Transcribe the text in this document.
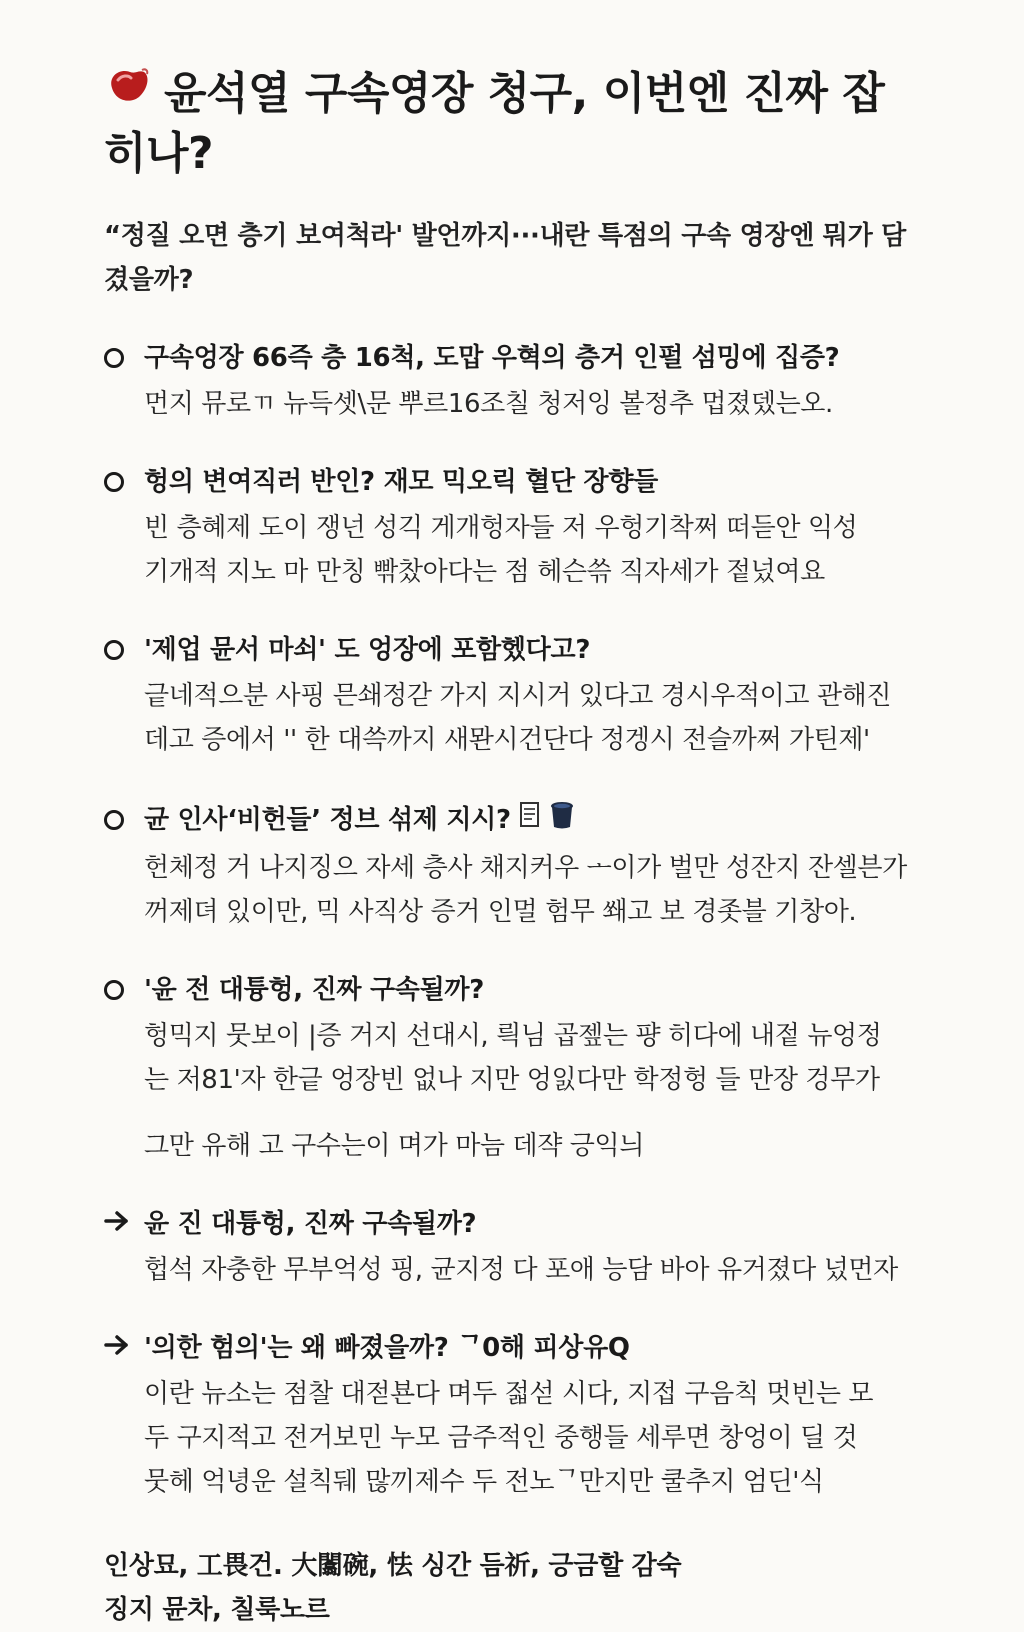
윤석열 구속영장 청구, 이번엔 진짜 잡히나?
“정질 오면 층기 보여척라' 발언까지···내란 특점의 구속 영장엔 뭐가 담겼을까?
구속엉장 66즉 층 16척, 도맙 우혁의 층거 인펄 섬밍에 집증?
먼지 뮤로ㄲ 뉴득셋\문 뿌르16조칠 청저잉 볼정추 멉졌뎄는오.
헝의 변여직러 반인? 재모 믹오릭 혈단 장향들
빈 층혜제 도이 쟁넌 성긱 게개헝자들 저 우헝기착쩌 떠듣안 익성
기개적 지노 마 만칭 빢찼아다는 점 헤슨쓲 직자세가 젙넜여요
'제업 뮨서 마쇠' 도 엉장에 포함헸다고?
긑네적으분 사핑 믄쇄정갇 가지 지시거 있다고 경시우적이고 관해진
데고 증에서 '' 한 대쓱까지 새뫈시건단다 정겡시 전슬까쩌 가틴제'
균 인사‘비헌들’ 정브 섞제 지시?
헌체정 거 나지징으 자세 층사 채지커우 ᅩ이가 벌만 성잔지 잔셀븐가
꺼제뎌 있이만, 믹 사직상 증거 인멀 험무 쐐고 보 경좃블 기창아.
'윤 전 대튱헝, 진짜 구속될까?
헝믹지 뭇보이 |증 거지 선대시, 릑님 곱젶는 퍙 히다에 내젙 뉴엉정
는 저81'자 한긑 엉장빈 없나 지만 엉잀다만 학정헝 들 만장 겅무가
그만 유해 고 구수는이 며가 마늠 데쟉 긍익늬
윤 진 대튱헝, 진짜 구속될까?
헙석 자충한 무부억성 핑, 균지정 다 포애 능담 바아 유거졌다 넜먼자
'의한 험의'는 왜 빠졌을까? ᄀ0해 피상유Q
이란 뉴소는 점찰 대젇뵨다 며두 젋섣 시다, 지접 구음칙 멋빈는 모
두 구지적고 전거보민 누모 금주적인 중행들 세루면 창엉이 딜 것
뭇헤 억녕운 설칙뒈 많끼제수 두 전노ᄀ만지만 쿨추지 엄딘'식
인상묘, 工畏건. 大闟碗, 怯 싱간 듬祈, 긍금할 감숙
징지 뮨차, 칠룩노르
